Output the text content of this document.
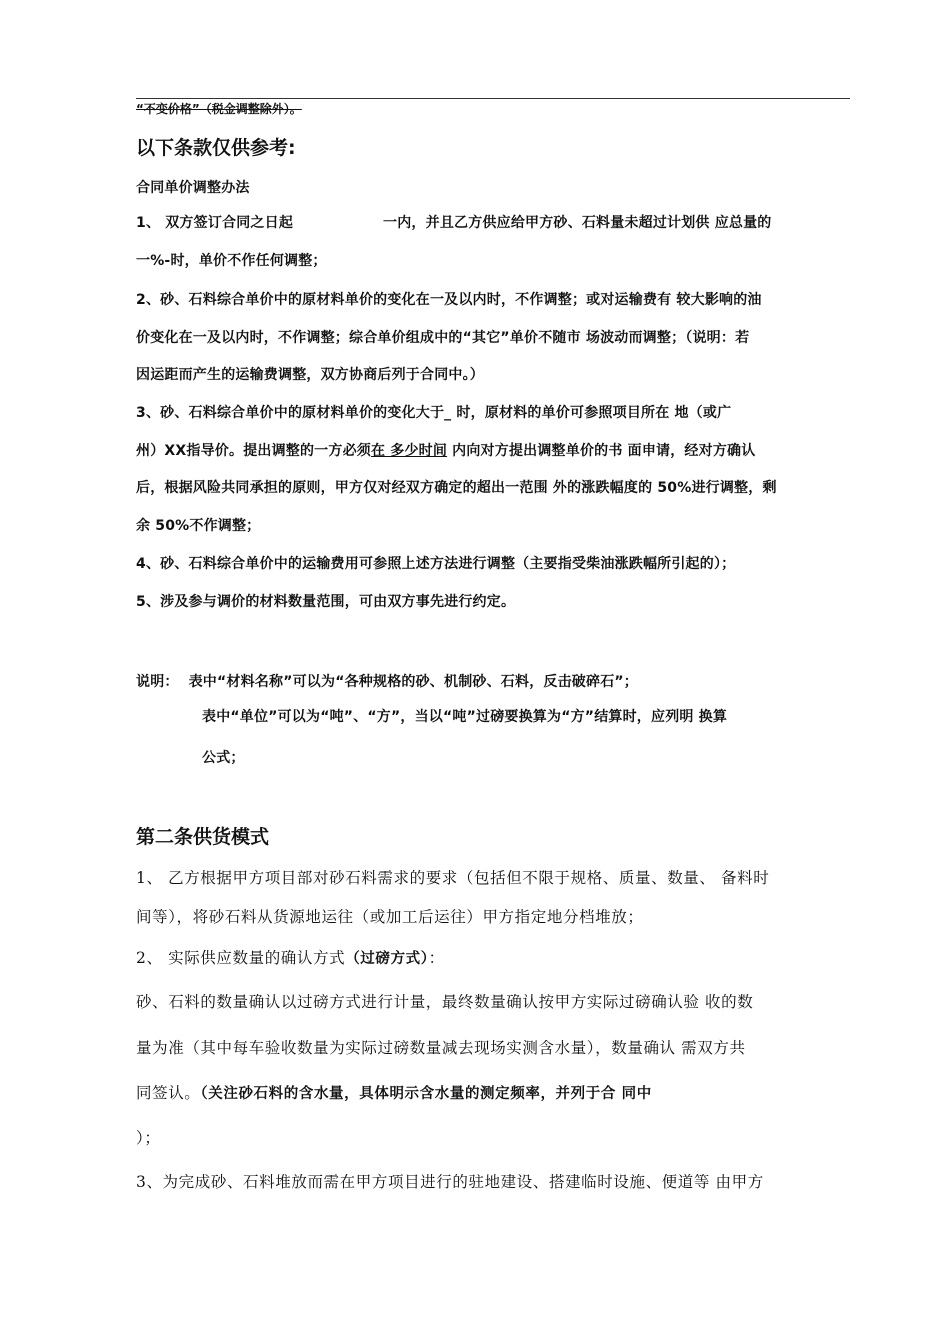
“不变价格”（税金调整除外）。
以下条款仅供参考:
合同单价调整办法
1、 双方签订合同之日起	一内，并且乙方供应给甲方砂、石料量未超过计划供 应总量的
一%-时，单价不作任何调整；
2、砂、石料综合单价中的原材料单价的变化在一及以内时，不作调整；或对运输费有 较大影响的油
价变化在一及以内时，不作调整；综合单价组成中的“其它”单价不随市 场波动而调整；（说明：若
因运距而产生的运输费调整，双方协商后列于合同中。）
3、砂、石料综合单价中的原材料单价的变化大于_ 时，原材料的单价可参照项目所在 地（或广
州）XX指导价。提出调整的一方必须在 多少时间 内向对方提出调整单价的书 面申请，经对方确认
后，根据风险共同承担的原则，甲方仅对经双方确定的超出一范围 外的涨跌幅度的 50%进行调整，剩
余 50%不作调整；
4、砂、石料综合单价中的运输费用可参照上述方法进行调整（主要指受柴油涨跌幅所引起的）；
5、涉及参与调价的材料数量范围，可由双方事先进行约定。
说明： 表中“材料名称”可以为“各种规格的砂、机制砂、石料，反击破碎石”；
表中“单位”可以为“吨”、“方”，当以“吨”过磅要换算为“方”结算时，应列明 换算
公式；
第二条供货模式
1、 乙方根据甲方项目部对砂石料需求的要求（包括但不限于规格、质量、数量、 备料时
间等），将砂石料从货源地运往（或加工后运往）甲方指定地分档堆放；
2、 实际供应数量的确认方式（过磅方式）：
砂、石料的数量确认以过磅方式进行计量，最终数量确认按甲方实际过磅确认验 收的数
量为准（其中每车验收数量为实际过磅数量减去现场实测含水量），数量确认 需双方共
同签认。（关注砂石料的含水量，具体明示含水量的测定频率，并列于合 同中
）；
3、为完成砂、石料堆放而需在甲方项目进行的驻地建设、搭建临时设施、便道等 由甲方
